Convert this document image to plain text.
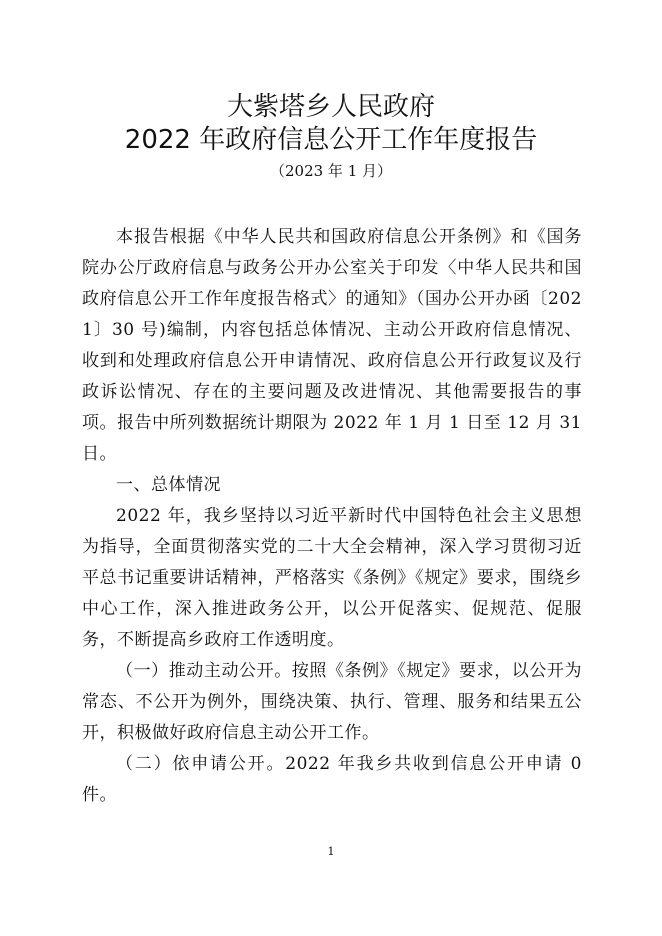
大紫塔乡人民政府
2022 年政府信息公开工作年度报告
（2023 年 1 月）

本报告根据《中华人民共和国政府信息公开条例》和《国务院办公厅政府信息与政务公开办公室关于印发〈中华人民共和国政府信息公开工作年度报告格式〉的通知》（国办公开办函〔2021〕30 号)编制，内容包括总体情况、主动公开政府信息情况、收到和处理政府信息公开申请情况、政府信息公开行政复议及行政诉讼情况、存在的主要问题及改进情况、其他需要报告的事项。报告中所列数据统计期限为 2022 年 1 月 1 日至 12 月 31 日。

一、总体情况

2022 年，我乡坚持以习近平新时代中国特色社会主义思想为指导，全面贯彻落实党的二十大全会精神，深入学习贯彻习近平总书记重要讲话精神，严格落实《条例》《规定》要求，围绕乡中心工作，深入推进政务公开，以公开促落实、促规范、促服务，不断提高乡政府工作透明度。

（一）推动主动公开。按照《条例》《规定》要求，以公开为常态、不公开为例外，围绕决策、执行、管理、服务和结果五公开，积极做好政府信息主动公开工作。

（二）依申请公开。2022 年我乡共收到信息公开申请 0 件。

1
